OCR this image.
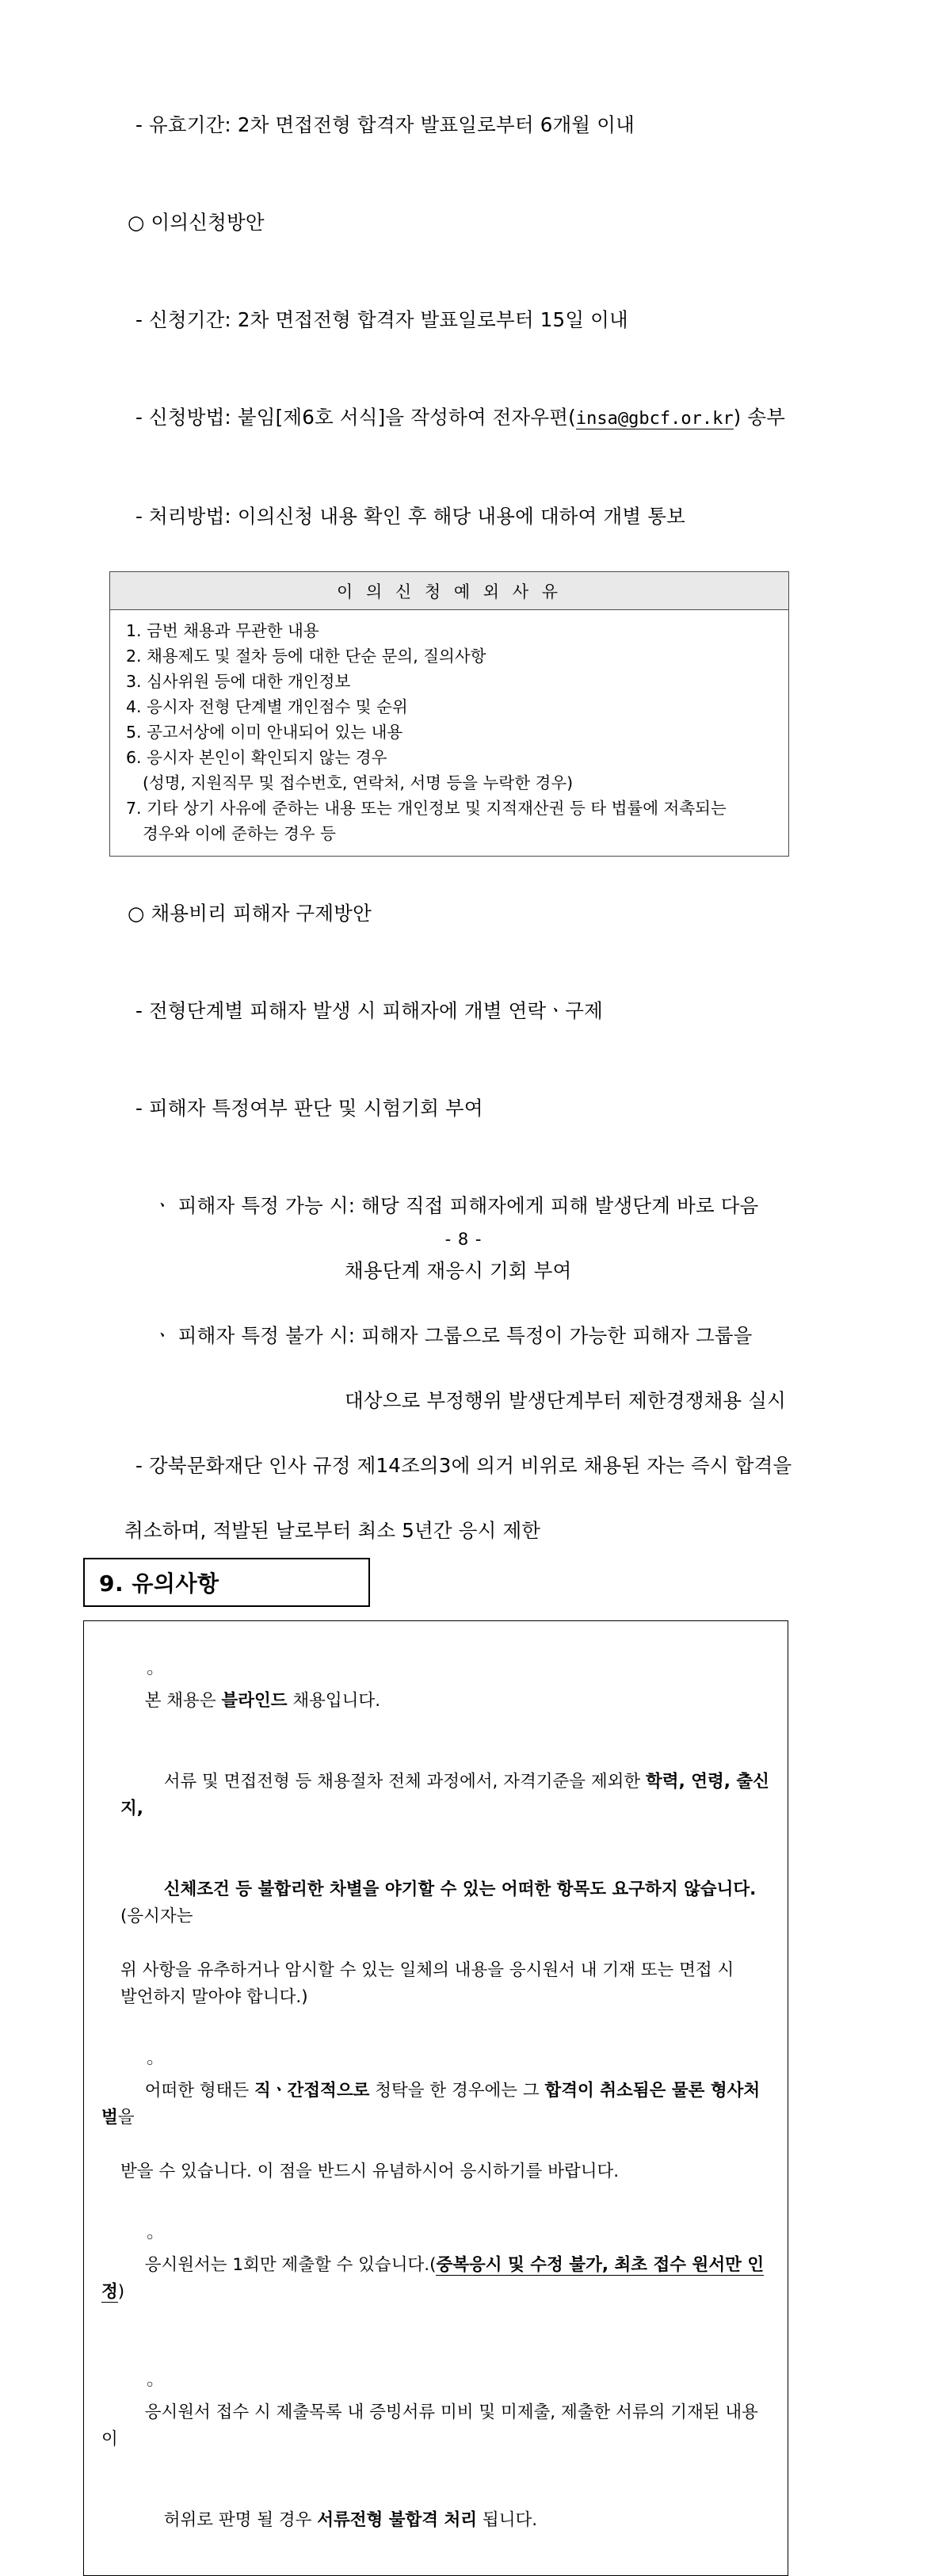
- 유효기간: 2차 면접전형 합격자 발표일로부터 6개월 이내

○ 이의신청방안

- 신청기간: 2차 면접전형 합격자 발표일로부터 15일 이내

- 신청방법: 붙임[제6호 서식]을 작성하여 전자우편(insa@gbcf.or.kr) 송부

- 처리방법: 이의신청 내용 확인 후 해당 내용에 대하여 개별 통보

이 의 신 청 예 외 사 유
1. 금번 채용과 무관한 내용
2. 채용제도 및 절차 등에 대한 단순 문의, 질의사항
3. 심사위원 등에 대한 개인정보
4. 응시자 전형 단계별 개인점수 및 순위
5. 공고서상에 이미 안내되어 있는 내용
6. 응시자 본인이 확인되지 않는 경우
(성명, 지원직무 및 접수번호, 연락처, 서명 등을 누락한 경우)
7. 기타 상기 사유에 준하는 내용 또는 개인정보 및 지적재산권 등 타 법률에 저촉되는
경우와 이에 준하는 경우 등

○ 채용비리 피해자 구제방안

- 전형단계별 피해자 발생 시 피해자에 개별 연락ㆍ구제

- 피해자 특정여부 판단 및 시험기회 부여

ㆍ 피해자 특정 가능 시: 해당 직접 피해자에게 피해 발생단계 바로 다음

채용단계 재응시 기회 부여

ㆍ 피해자 특정 불가 시: 피해자 그룹으로 특정이 가능한 피해자 그룹을

대상으로 부정행위 발생단계부터 제한경쟁채용 실시

- 강북문화재단 인사 규정 제14조의3에 의거 비위로 채용된 자는 즉시 합격을

취소하며, 적발된 날로부터 최소 5년간 응시 제한
9. 유의사항

◦
본 채용은 블라인드 채용입니다.

서류 및 면접전형 등 채용절차 전체 과정에서, 자격기준을 제외한 학력, 연령, 출신지,

신체조건 등 불합리한 차별을 야기할 수 있는 어떠한 항목도 요구하지 않습니다.(응시자는

위 사항을 유추하거나 암시할 수 있는 일체의 내용을 응시원서 내 기재 또는 면접 시
발언하지 말아야 합니다.)

◦
어떠한 형태든 직ㆍ간접적으로 청탁을 한 경우에는 그 합격이 취소됨은 물론 형사처벌을

받을 수 있습니다. 이 점을 반드시 유념하시어 응시하기를 바랍니다.

◦
응시원서는 1회만 제출할 수 있습니다.(중복응시 및 수정 불가, 최초 접수 원서만 인정)

◦
응시원서 접수 시 제출목록 내 증빙서류 미비 및 미제출, 제출한 서류의 기재된 내용이

허위로 판명 될 경우 서류전형 불합격 처리 됩니다.

- 8 -
